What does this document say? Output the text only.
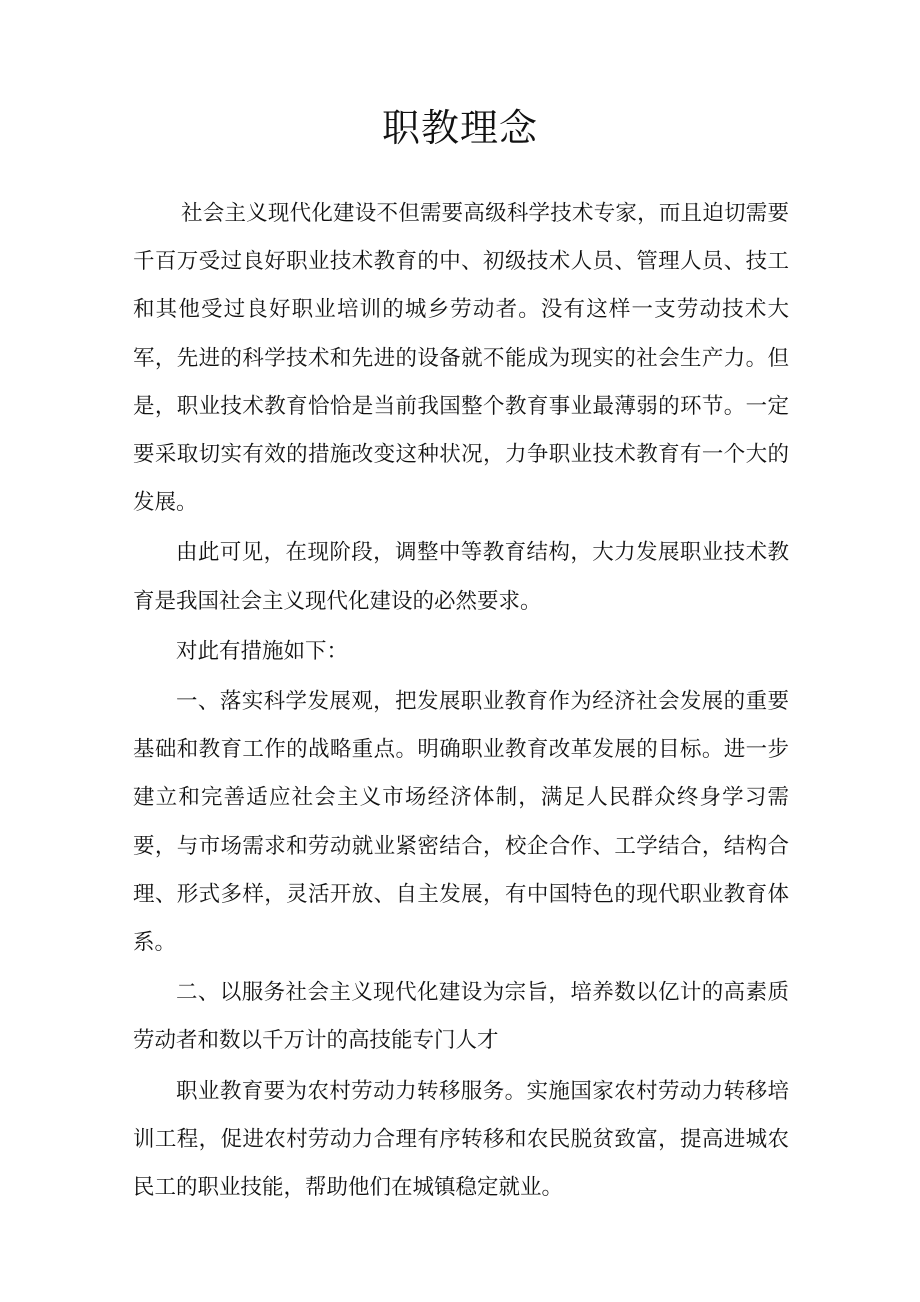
职教理念

社会主义现代化建设不但需要高级科学技术专家，而且迫切需要千百万受过良好职业技术教育的中、初级技术人员、管理人员、技工和其他受过良好职业培训的城乡劳动者。没有这样一支劳动技术大军，先进的科学技术和先进的设备就不能成为现实的社会生产力。但是，职业技术教育恰恰是当前我国整个教育事业最薄弱的环节。一定要采取切实有效的措施改变这种状况，力争职业技术教育有一个大的发展。

由此可见，在现阶段，调整中等教育结构，大力发展职业技术教育是我国社会主义现代化建设的必然要求。

对此有措施如下：

一、落实科学发展观，把发展职业教育作为经济社会发展的重要基础和教育工作的战略重点。明确职业教育改革发展的目标。进一步建立和完善适应社会主义市场经济体制，满足人民群众终身学习需要，与市场需求和劳动就业紧密结合，校企合作、工学结合，结构合理、形式多样，灵活开放、自主发展，有中国特色的现代职业教育体系。

二、以服务社会主义现代化建设为宗旨，培养数以亿计的高素质劳动者和数以千万计的高技能专门人才

职业教育要为农村劳动力转移服务。实施国家农村劳动力转移培训工程，促进农村劳动力合理有序转移和农民脱贫致富，提高进城农民工的职业技能，帮助他们在城镇稳定就业。
